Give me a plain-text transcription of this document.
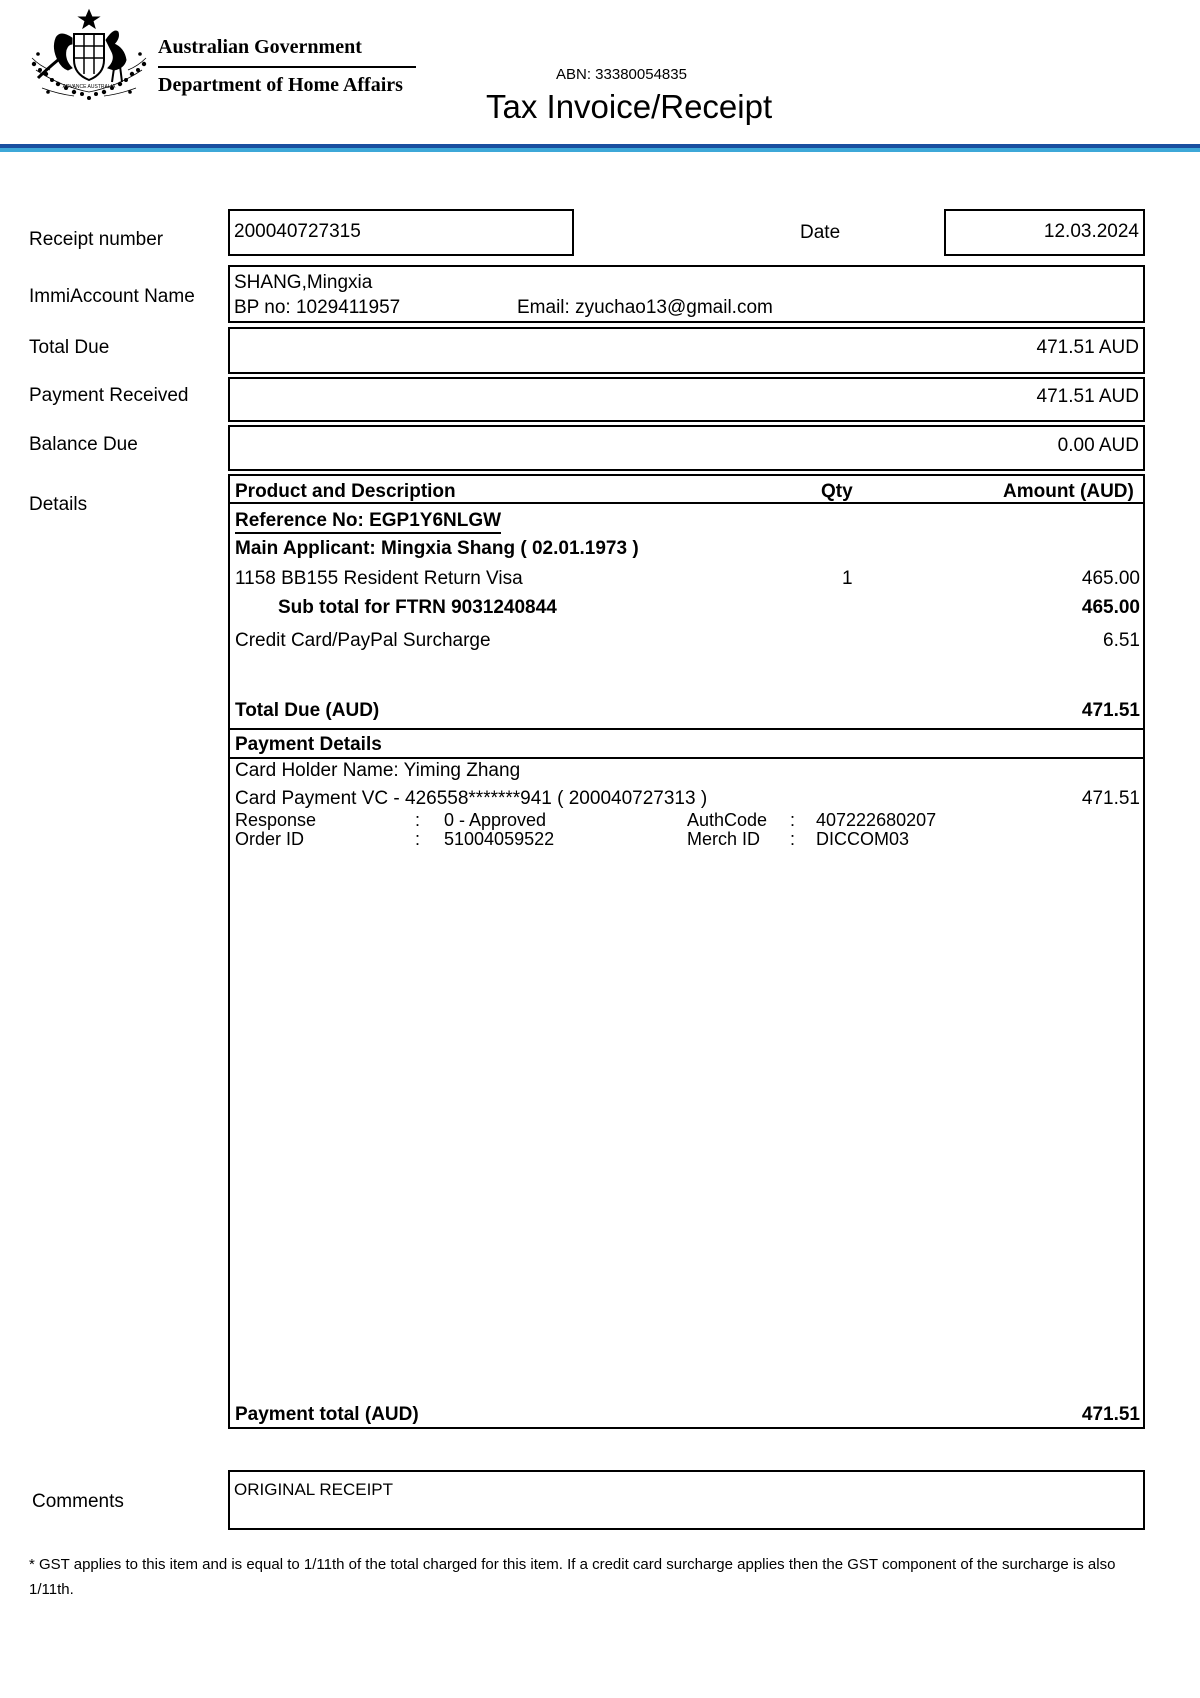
ADVANCE AUSTRALIA
Australian Government
Department of Home Affairs	ABN: 33380054835
Tax Invoice/Receipt
Receipt number	200040727315	Date	12.03.2024
ImmiAccount Name
SHANG,Mingxia
BP no: 1029411957	Email: zyuchao13@gmail.com
Total Due	471.51 AUD
Payment Received	471.51 AUD
Balance Due	0.00 AUD
Details
Product and Description	Qty	Amount (AUD)
Reference No: EGP1Y6NLGW
Main Applicant: Mingxia Shang ( 02.01.1973 )
1158 BB155 Resident Return Visa	1	465.00
Sub total for FTRN 9031240844	465.00
Credit Card/PayPal Surcharge	6.51
Total Due (AUD)	471.51
Payment Details
Card Holder Name: Yiming Zhang
Card Payment VC - 426558*******941 ( 200040727313 )	471.51
Response	: 0 - Approved	AuthCode : 407222680207
Order ID	: 51004059522	Merch ID : DICCOM03
Payment total (AUD)	471.51
Comments
ORIGINAL RECEIPT
* GST applies to this item and is equal to 1/11th of the total charged for this item. If a credit card surcharge applies then the GST component of the surcharge is also 1/11th.
